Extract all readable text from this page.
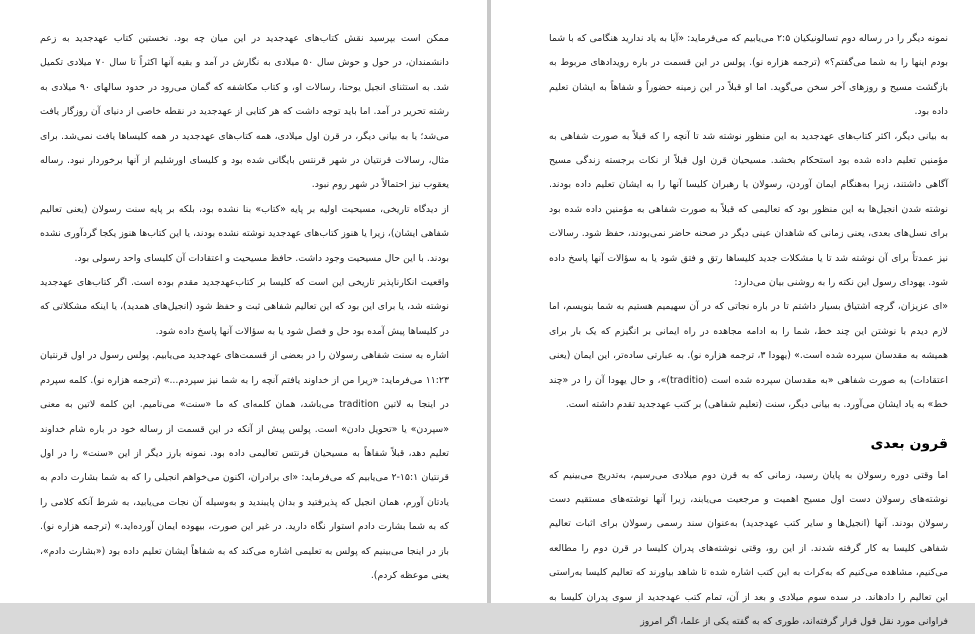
ممکن است بپرسید نقش کتاب‌های عهدجدید در این میان چه بود. نخستین کتاب عهدجدید به زعم دانشمندان، در حول و حوش سال ۵۰ میلادی به نگارش در آمد و بقیه آنها اکثراً تا سال ۷۰ میلادی تکمیل شد. به استثنای انجیل یوحنا، رسالات او، و کتاب مکاشفه که گمان می‌رود در حدود سالهای ۹۰ میلادی به رشته تحریر در آمد. اما باید توجه داشت که هر کتابی از عهدجدید در نقطه خاصی از دنیای آن روزگار یافت می‌شد؛ یا به بیانی دیگر، در قرن اول میلادی، همه کتاب‌های عهدجدید در همه کلیساها یافت نمی‌شد. برای مثال، رسالات قرنتیان در شهر قرنتس بایگانی شده بود و کلیسای اورشلیم از آنها برخوردار نبود. رساله یعقوب نیز احتمالاً در شهر روم نبود.

از دیدگاه تاریخی، مسیحیت اولیه بر پایه «کتاب» بنا نشده بود، بلکه بر پایه سنت رسولان (یعنی تعالیم شفاهی ایشان)، زیرا یا هنوز کتاب‌های عهدجدید نوشته نشده بودند، یا این کتاب‌ها هنوز یکجا گردآوری نشده بودند. با این حال مسیحیت وجود داشت. حافظ مسیحیت و اعتقادات آن کلیسای واحد رسولی بود.

واقعیت انکارناپذیر تاریخی این است که کلیسا بر کتاب‌عهدجدید مقدم بوده است. اگر کتاب‌های عهدجدید نوشته شد، یا برای این بود که این تعالیم شفاهی ثبت و حفظ شود (انجیل‌های همدید)، یا اینکه مشکلاتی که در کلیساها پیش آمده بود حل و فصل شود یا به سؤالات آنها پاسخ داده شود.

اشاره به سنت شفاهی رسولان را در بعضی از قسمت‌های عهدجدید می‌یابیم. پولس رسول در اول قرنتیان ۱۱:۲۳ می‌فرماید: «زیرا من از خداوند یافتم آنچه را به شما نیز سپردم...» (ترجمه هزاره نو). کلمه سپردم در اینجا به لاتین tradition می‌باشد، همان کلمه‌ای که ما «سنت» می‌نامیم. این کلمه لاتین به معنی «سپردن» یا «تحویل دادن» است. پولس پیش از آنکه در این قسمت از رساله خود در باره شام خداوند تعلیم دهد، قبلاً شفاهاً به مسیحیان قرنتس تعالیمی داده بود. نمونه بارز دیگر از این «سنت» را در اول قرنتیان ۱۵:۱-۲ می‌یابیم که می‌فرماید: «ای برادران، اکنون می‌خواهم انجیلی را که به شما بشارت دادم به یادتان آورم، همان انجیل که پذیرفتید و بدان پایبندید و به‌وسیله آن نجات می‌یابید، به شرط آنکه کلامی را که به شما بشارت دادم استوار نگاه دارید. در غیر این صورت، بیهوده ایمان آورده‌اید.» (ترجمه هزاره نو). باز در اینجا می‌بینیم که پولس به تعلیمی اشاره می‌کند که به شفاهاً ایشان تعلیم داده بود («بشارت دادم»، یعنی موعظه کردم).

نمونه دیگر را در رساله دوم تسالونیکیان ۲:۵ می‌یابیم که می‌فرماید: «آیا به یاد ندارید هنگامی که با شما بودم اینها را به شما می‌گفتم؟» (ترجمه هزاره نو). پولس در این قسمت در باره رویدادهای مربوط به بازگشت مسیح و روزهای آخر سخن می‌گوید. اما او قبلاً در این زمینه حضوراً و شفاهاً به ایشان تعلیم داده بود.

به بیانی دیگر، اکثر کتاب‌های عهدجدید به این منظور نوشته شد تا آنچه را که قبلاً به صورت شفاهی به مؤمنین تعلیم داده شده بود استحکام بخشد. مسیحیان قرن اول قبلاً از نکات برجسته زندگی مسیح آگاهی داشتند، زیرا به‌هنگام ایمان آوردن، رسولان یا رهبران کلیسا آنها را به ایشان تعلیم داده بودند. نوشته شدن انجیل‌ها به این منظور بود که تعالیمی که قبلاً به صورت شفاهی به مؤمنین داده شده بود برای نسل‌های بعدی، یعنی زمانی که شاهدان عینی دیگر در صحنه حاضر نمی‌بودند، حفظ شود. رسالات نیز عمدتاً برای آن نوشته شد تا یا مشکلات جدید کلیساها رتق و فتق شود یا به سؤالات آنها پاسخ داده شود. یهودای رسول این نکته را به روشنی بیان می‌دارد:

«ای عزیزان، گرچه اشتیاق بسیار داشتم تا در باره نجاتی که در آن سهیمیم هستیم به شما بنویسم، اما لازم دیدم با نوشتن این چند خط، شما را به ادامه مجاهده در راه ایمانی بر انگیزم که یک بار برای همیشه به مقدسان سپرده شده است.» (یهودا ۳، ترجمه هزاره نو). به عبارتی ساده‌تر، این ایمان (یعنی اعتقادات) به صورت شفاهی «به مقدسان سپرده شده است (traditio)»، و حال یهودا آن را در «چند خط» به یاد ایشان می‌آورد. به بیانی دیگر، سنت (تعلیم شفاهی) بر کتب عهدجدید تقدم داشته است.

قرون بعدی

اما وقتی دوره رسولان به پایان رسید، زمانی که به قرن دوم میلادی می‌رسیم، به‌تدریج می‌بینیم که نوشته‌های رسولان دست اول مسیح اهمیت و مرجعیت می‌یابند، زیرا آنها نوشته‌های مستقیم دست رسولان بودند. آنها (انجیل‌ها و سایر کتب عهدجدید) به‌عنوان سند رسمی رسولان برای اثبات تعالیم شفاهی کلیسا به کار گرفته شدند. از این رو، وقتی نوشته‌های پدران کلیسا در قرن دوم را مطالعه می‌کنیم، مشاهده می‌کنیم که به‌کرات به این کتب اشاره شده تا شاهد بیاورند که تعالیم کلیسا به‌راستی این تعالیم را دادهاند. در سده سوم میلادی و بعد از آن، تمام کتب عهدجدید از سوی پدران کلیسا به فراوانی مورد نقل قول قرار گرفته‌اند، طوری که به گفته یکی از علما، اگر امروز
